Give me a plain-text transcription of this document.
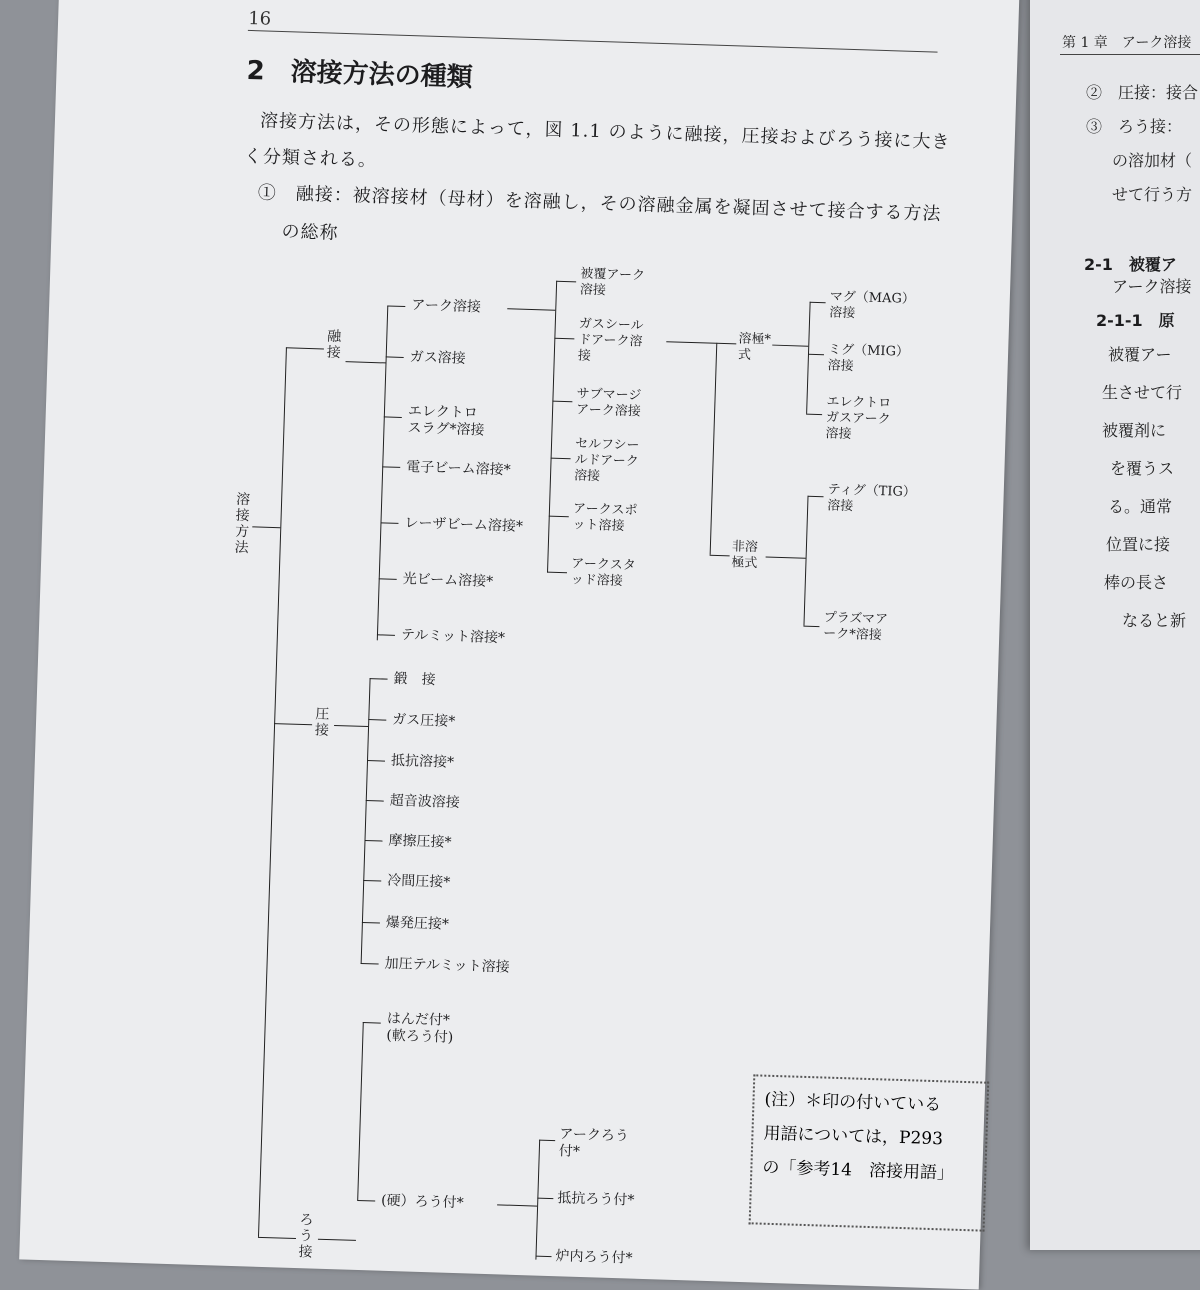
16
2　溶接方法の種類
溶接方法は，その形態によって，図 1.1 のように融接，圧接およびろう接に大き
く分類される。
①　融接：被溶接材（母材）を溶融し，その溶融金属を凝固させて接合する方法
の総称
溶接方法
融接
アーク溶接
ガス溶接
エレクトロ
スラグ*溶接
電子ビーム溶接*
レーザビーム溶接*
光ビーム溶接*
テルミット溶接*
被覆アーク
溶接
ガスシール
ドアーク溶
接
サブマージ
アーク溶接
セルフシー
ルドアーク
溶接
アークスポ
ット溶接
アークスタ
ッド溶接
溶極*
式
非溶
極式
マグ（MAG）
溶接
ミグ（MIG）
溶接
エレクトロ
ガスアーク
溶接
ティグ（TIG）
溶接
プラズマア
ーク*溶接
圧接
鍛　接
ガス圧接*
抵抗溶接*
超音波溶接
摩擦圧接*
冷間圧接*
爆発圧接*
加圧テルミット溶接
ろう接
はんだ付*
(軟ろう付)
(硬）ろう付*
アークろう
付*
抵抗ろう付*
炉内ろう付*
(注）＊印の付いている
用語については，P293
の「参考14　溶接用語」
第 1 章　アーク溶接
②　圧接：接合
③　ろう接：
の溶加材（
せて行う方
2-1　被覆ア
アーク溶接
2-1-1　原
被覆アー
生させて行
被覆剤に
を覆うス
る。通常
位置に接
棒の長さ
なると新
